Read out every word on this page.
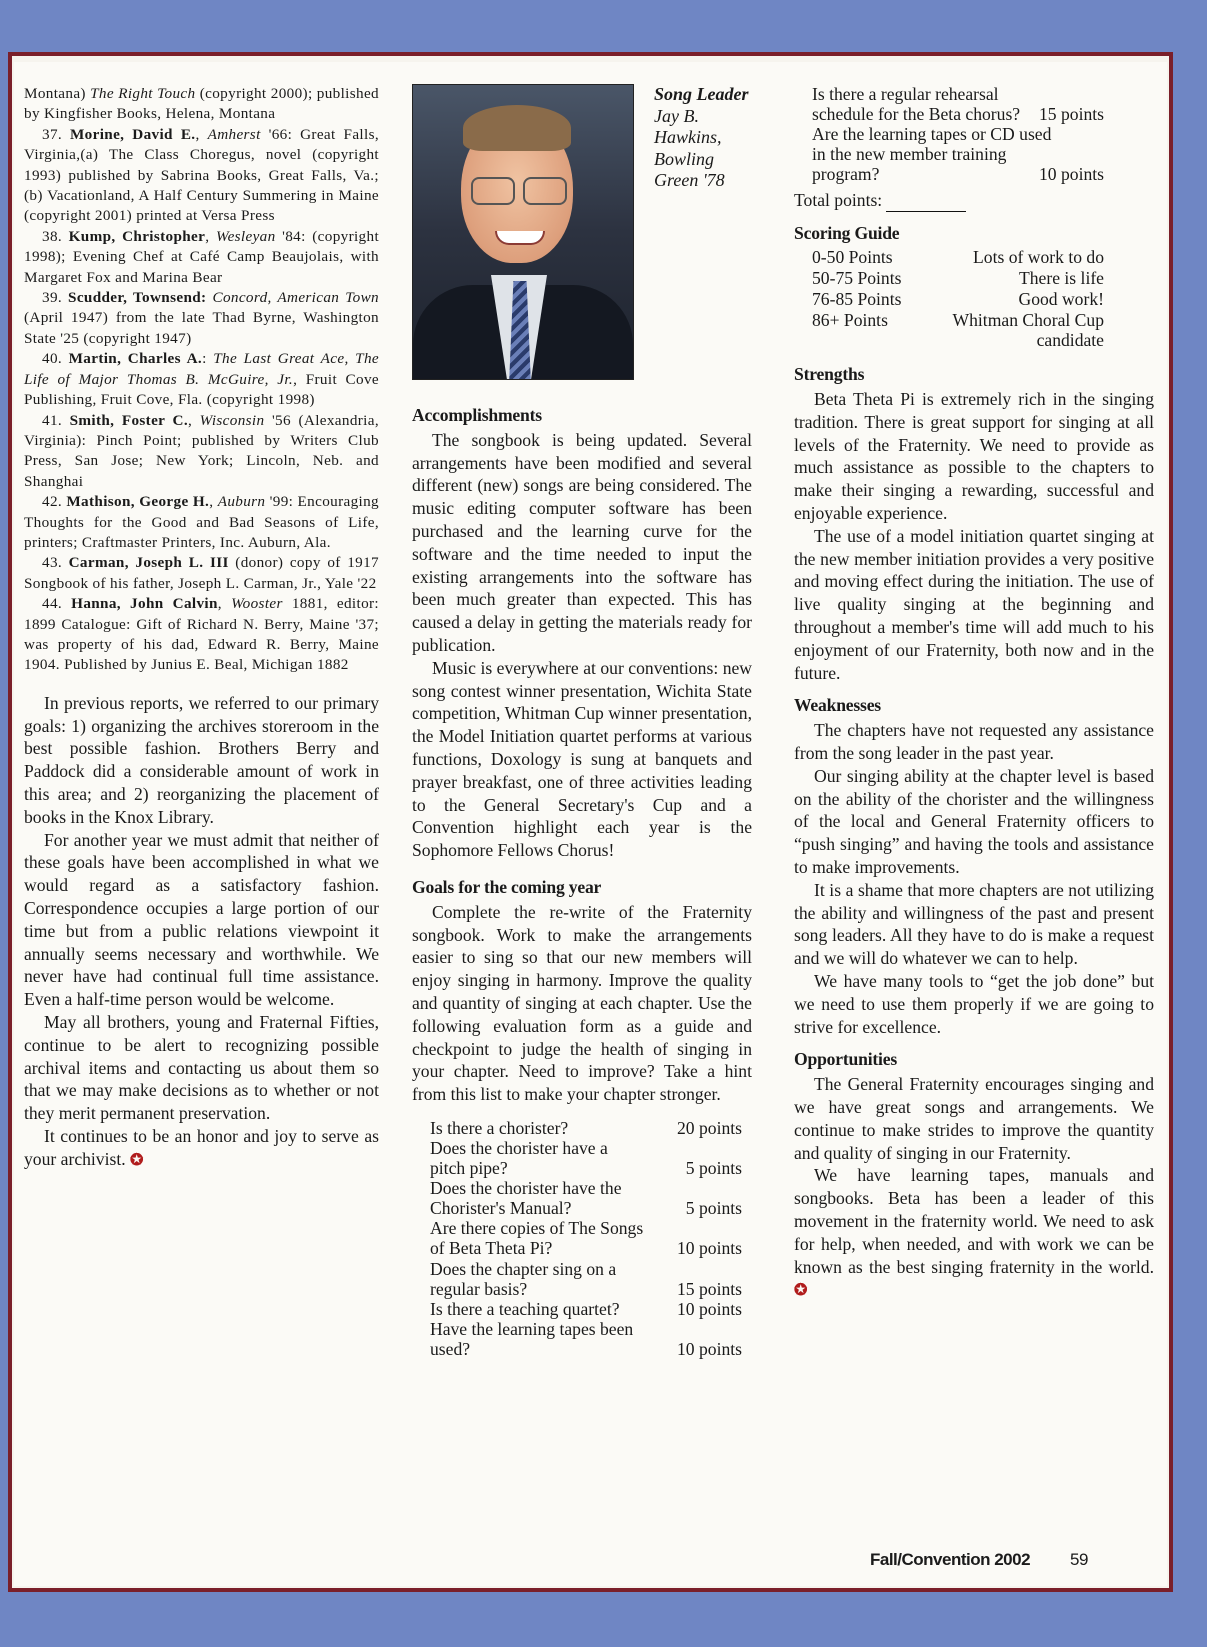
Montana) The Right Touch (copyright 2000); published by Kingfisher Books, Helena, Montana

37. Morine, David E., Amherst '66: Great Falls, Virginia,(a) The Class Choregus, novel (copyright 1993) published by Sabrina Books, Great Falls, Va.; (b) Vacationland, A Half Century Summering in Maine (copyright 2001) printed at Versa Press

38. Kump, Christopher, Wesleyan '84: (copyright 1998); Evening Chef at Café Camp Beaujolais, with Margaret Fox and Marina Bear

39. Scudder, Townsend: Concord, American Town (April 1947) from the late Thad Byrne, Washington State '25 (copyright 1947)

40. Martin, Charles A.: The Last Great Ace, The Life of Major Thomas B. McGuire, Jr., Fruit Cove Publishing, Fruit Cove, Fla. (copyright 1998)

41. Smith, Foster C., Wisconsin '56 (Alexandria, Virginia): Pinch Point; published by Writers Club Press, San Jose; New York; Lincoln, Neb. and Shanghai

42. Mathison, George H., Auburn '99: Encouraging Thoughts for the Good and Bad Seasons of Life, printers; Craftmaster Printers, Inc. Auburn, Ala.

43. Carman, Joseph L. III (donor) copy of 1917 Songbook of his father, Joseph L. Carman, Jr., Yale '22

44. Hanna, John Calvin, Wooster 1881, editor: 1899 Catalogue: Gift of Richard N. Berry, Maine '37; was property of his dad, Edward R. Berry, Maine 1904. Published by Junius E. Beal, Michigan 1882

In previous reports, we referred to our primary goals: 1) organizing the archives storeroom in the best possible fashion. Brothers Berry and Paddock did a considerable amount of work in this area; and 2) reorganizing the placement of books in the Knox Library.

For another year we must admit that neither of these goals have been accomplished in what we would regard as a satisfactory fashion. Correspondence occupies a large portion of our time but from a public relations viewpoint it annually seems necessary and worthwhile. We never have had continual full time assistance. Even a half-time person would be welcome.

May all brothers, young and Fraternal Fifties, continue to be alert to recognizing possible archival items and contacting us about them so that we may make decisions as to whether or not they merit permanent preservation.

It continues to be an honor and joy to serve as your archivist. ✪

Song Leader
Jay B. Hawkins, Bowling Green '78
Accomplishments

The songbook is being updated. Several arrangements have been modified and several different (new) songs are being considered. The music editing computer software has been purchased and the learning curve for the software and the time needed to input the existing arrangements into the software has been much greater than expected. This has caused a delay in getting the materials ready for publication.

Music is everywhere at our conventions: new song contest winner presentation, Wichita State competition, Whitman Cup winner presentation, the Model Initiation quartet performs at various functions, Doxology is sung at banquets and prayer breakfast, one of three activities leading to the General Secretary's Cup and a Convention highlight each year is the Sophomore Fellows Chorus!

Goals for the coming year

Complete the re-write of the Fraternity songbook. Work to make the arrangements easier to sing so that our new members will enjoy singing in harmony. Improve the quality and quantity of singing at each chapter. Use the following evaluation form as a guide and checkpoint to judge the health of singing in your chapter. Need to improve? Take a hint from this list to make your chapter stronger.

Is there a chorister?	20 points
Does the chorister have a pitch pipe?	5 points
Does the chorister have the Chorister's Manual?	5 points
Are there copies of The Songs of Beta Theta Pi?	10 points
Does the chapter sing on a regular basis?	15 points
Is there a teaching quartet?	10 points
Have the learning tapes been used?	10 points
Is there a regular rehearsal schedule for the Beta chorus?	15 points
Are the learning tapes or CD used in the new member training program?	10 points
Total points:
Scoring Guide
0-50 Points	Lots of work to do
50-75 Points	There is life
76-85 Points	Good work!
86+ Points	Whitman Choral Cup
candidate
Strengths

Beta Theta Pi is extremely rich in the singing tradition. There is great support for singing at all levels of the Fraternity. We need to provide as much assistance as possible to the chapters to make their singing a rewarding, successful and enjoyable experience.

The use of a model initiation quartet singing at the new member initiation provides a very positive and moving effect during the initiation. The use of live quality singing at the beginning and throughout a member's time will add much to his enjoyment of our Fraternity, both now and in the future.

Weaknesses

The chapters have not requested any assistance from the song leader in the past year.

Our singing ability at the chapter level is based on the ability of the chorister and the willingness of the local and General Fraternity officers to “push singing” and having the tools and assistance to make improvements.

It is a shame that more chapters are not utilizing the ability and willingness of the past and present song leaders. All they have to do is make a request and we will do whatever we can to help.

We have many tools to “get the job done” but we need to use them properly if we are going to strive for excellence.

Opportunities

The General Fraternity encourages singing and we have great songs and arrangements. We continue to make strides to improve the quantity and quality of singing in our Fraternity.

We have learning tapes, manuals and songbooks. Beta has been a leader of this movement in the fraternity world. We need to ask for help, when needed, and with work we can be known as the best singing fraternity in the world. ✪

Fall/Convention 2002 59
